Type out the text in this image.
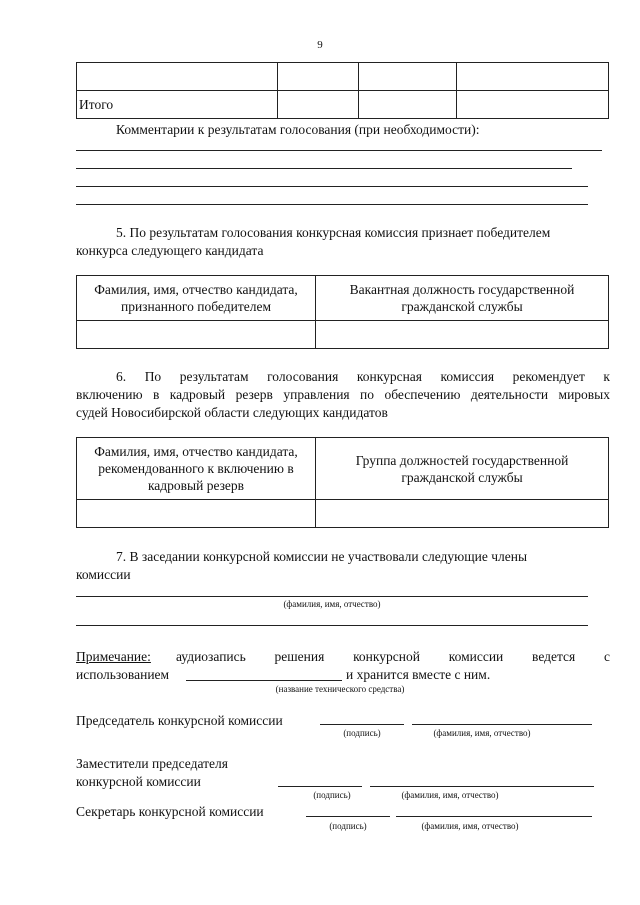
9

Итого			
Комментарии к результатам голосования (при необходимости):
5. По результатам голосования конкурсная комиссия признает победителем
конкурса следующего кандидата
Фамилия, имя, отчество кандидата, признанного победителем	Вакантная должность государственной гражданской службы

6. По результатам голосования конкурсная комиссия рекомендует к
включению в кадровый резерв управления по обеспечению деятельности мировых
судей Новосибирской области следующих кандидатов
Фамилия, имя, отчество кандидата, рекомендованного к включению в кадровый резерв	Группа должностей государственной гражданской службы

7. В заседании конкурсной комиссии не участвовали следующие члены
комиссии
(фамилия, имя, отчество)
Примечание: аудиозапись решения конкурсной комиссии ведется с
использованием	и хранится вместе с ним.
(название технического средства)
Председатель конкурсной комиссии
(подпись)	(фамилия, имя, отчество)
Заместители председателя
конкурсной комиссии
(подпись)	(фамилия, имя, отчество)
Секретарь конкурсной комиссии
(подпись)	(фамилия, имя, отчество)
